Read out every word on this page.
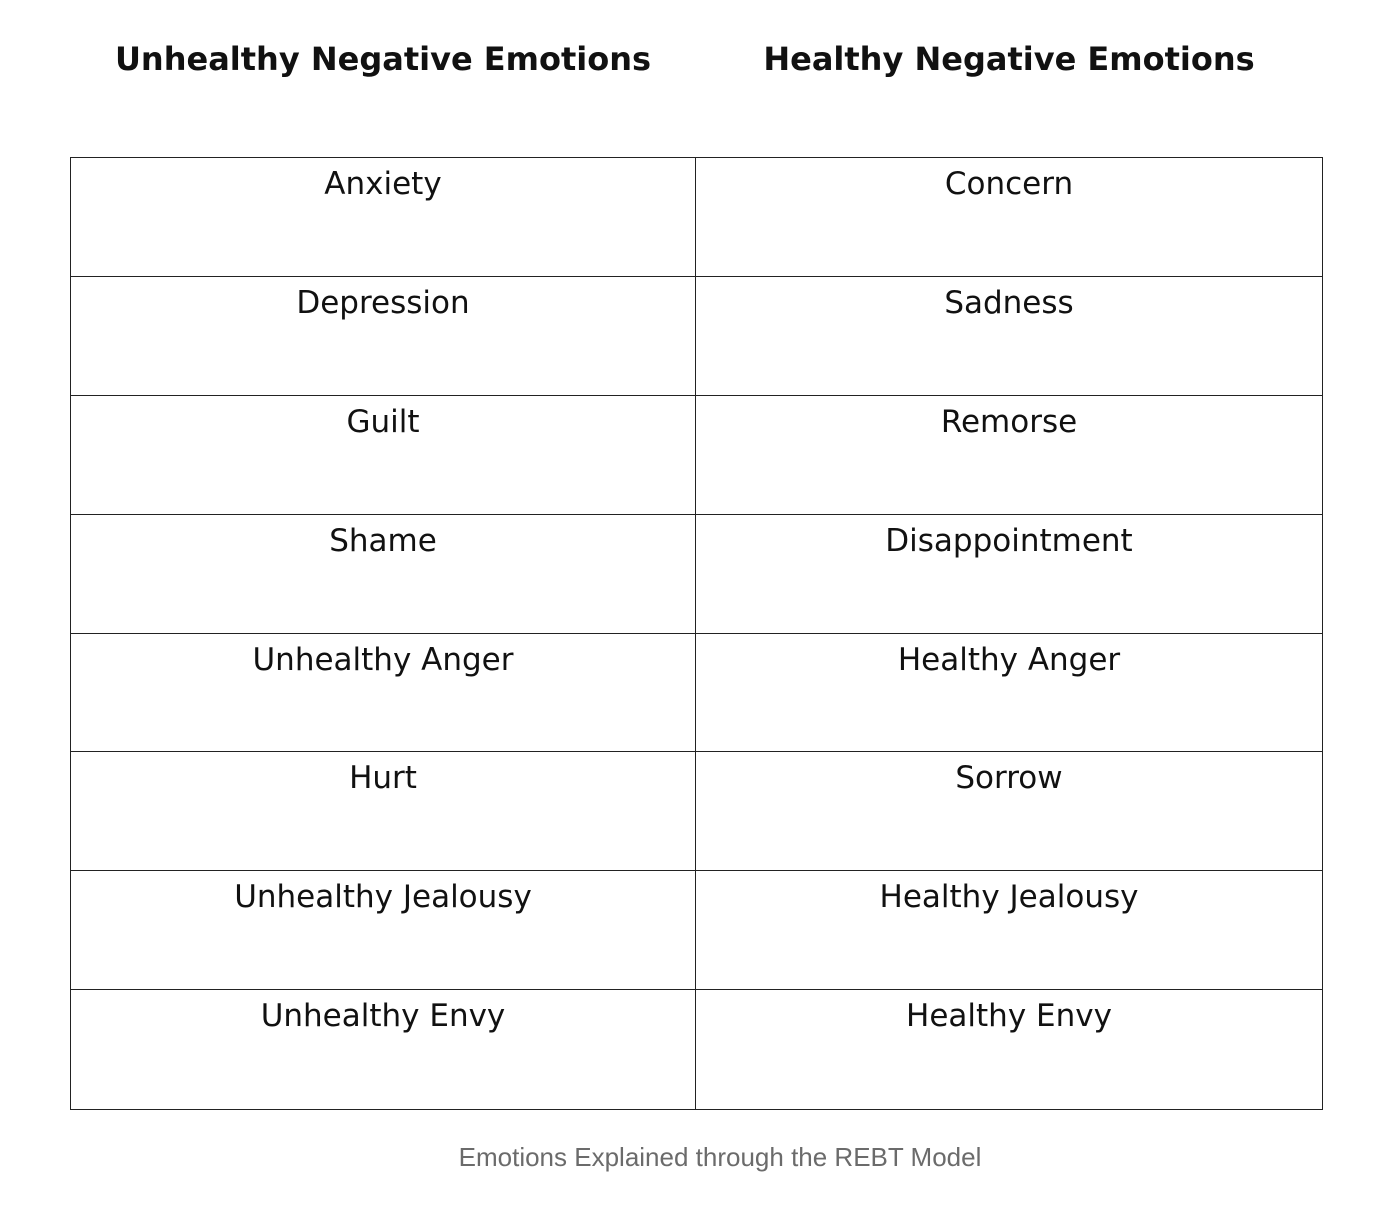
Unhealthy Negative Emotions	Healthy Negative Emotions
Anxiety	Concern
Depression	Sadness
Guilt	Remorse
Shame	Disappointment
Unhealthy Anger	Healthy Anger
Hurt	Sorrow
Unhealthy Jealousy	Healthy Jealousy
Unhealthy Envy	Healthy Envy
Emotions Explained through the REBT Model
